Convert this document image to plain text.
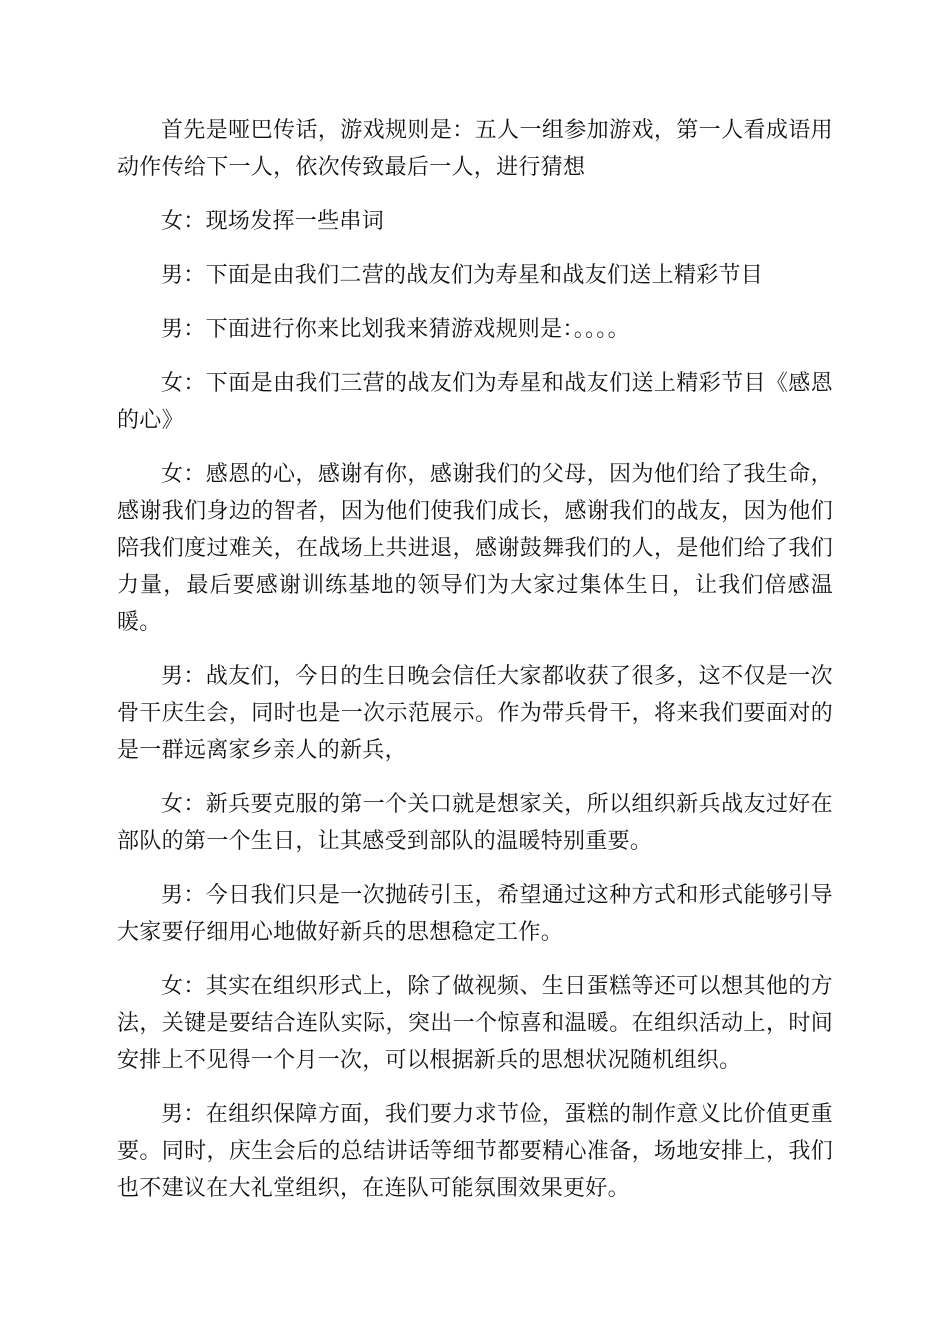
首先是哑巴传话，游戏规则是：五人一组参加游戏，第一人看成语用动作传给下一人，依次传致最后一人，进行猜想

女：现场发挥一些串词

男：下面是由我们二营的战友们为寿星和战友们送上精彩节目

男：下面进行你来比划我来猜游戏规则是：。。。。

女：下面是由我们三营的战友们为寿星和战友们送上精彩节目《感恩的心》

女：感恩的心，感谢有你，感谢我们的父母，因为他们给了我生命，感谢我们身边的智者，因为他们使我们成长，感谢我们的战友，因为他们陪我们度过难关，在战场上共进退，感谢鼓舞我们的人，是他们给了我们力量，最后要感谢训练基地的领导们为大家过集体生日，让我们倍感温暖。

男：战友们，今日的生日晚会信任大家都收获了很多，这不仅是一次骨干庆生会，同时也是一次示范展示。作为带兵骨干，将来我们要面对的是一群远离家乡亲人的新兵，

女：新兵要克服的第一个关口就是想家关，所以组织新兵战友过好在部队的第一个生日，让其感受到部队的温暖特别重要。

男：今日我们只是一次抛砖引玉，希望通过这种方式和形式能够引导大家要仔细用心地做好新兵的思想稳定工作。

女：其实在组织形式上，除了做视频、生日蛋糕等还可以想其他的方法，关键是要结合连队实际，突出一个惊喜和温暖。在组织活动上，时间安排上不见得一个月一次，可以根据新兵的思想状况随机组织。

男：在组织保障方面，我们要力求节俭，蛋糕的制作意义比价值更重要。同时，庆生会后的总结讲话等细节都要精心准备，场地安排上，我们也不建议在大礼堂组织，在连队可能氛围效果更好。
